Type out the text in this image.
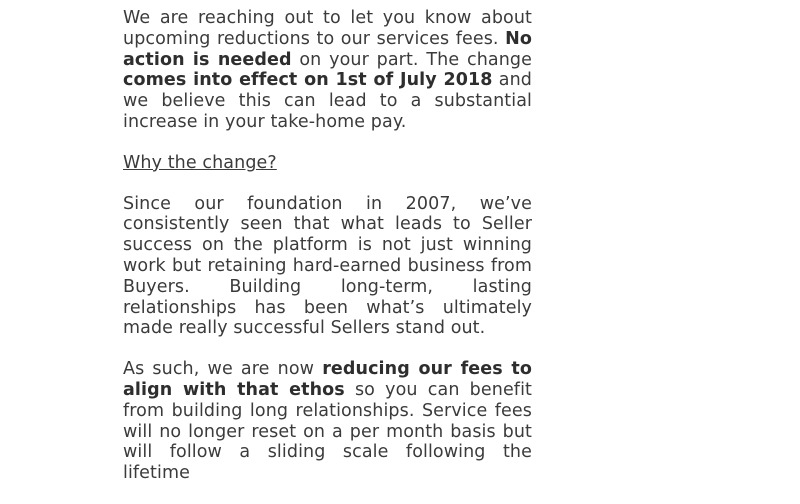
We are reaching out to let you know about upcoming reductions to our services fees. No action is needed on your part. The change comes into effect on 1st of July 2018 and we believe this can lead to a substantial increase in your take-home pay.

Why the change?

Since our foundation in 2007, we’ve consistently seen that what leads to Seller success on the platform is not just winning work but retaining hard-earned business from Buyers. Building long-term, lasting relationships has been what’s ultimately made really successful Sellers stand out.

As such, we are now reducing our fees to align with that ethos so you can benefit from building long relationships. Service fees will no longer reset on a per month basis but will follow a sliding scale following the lifetime
